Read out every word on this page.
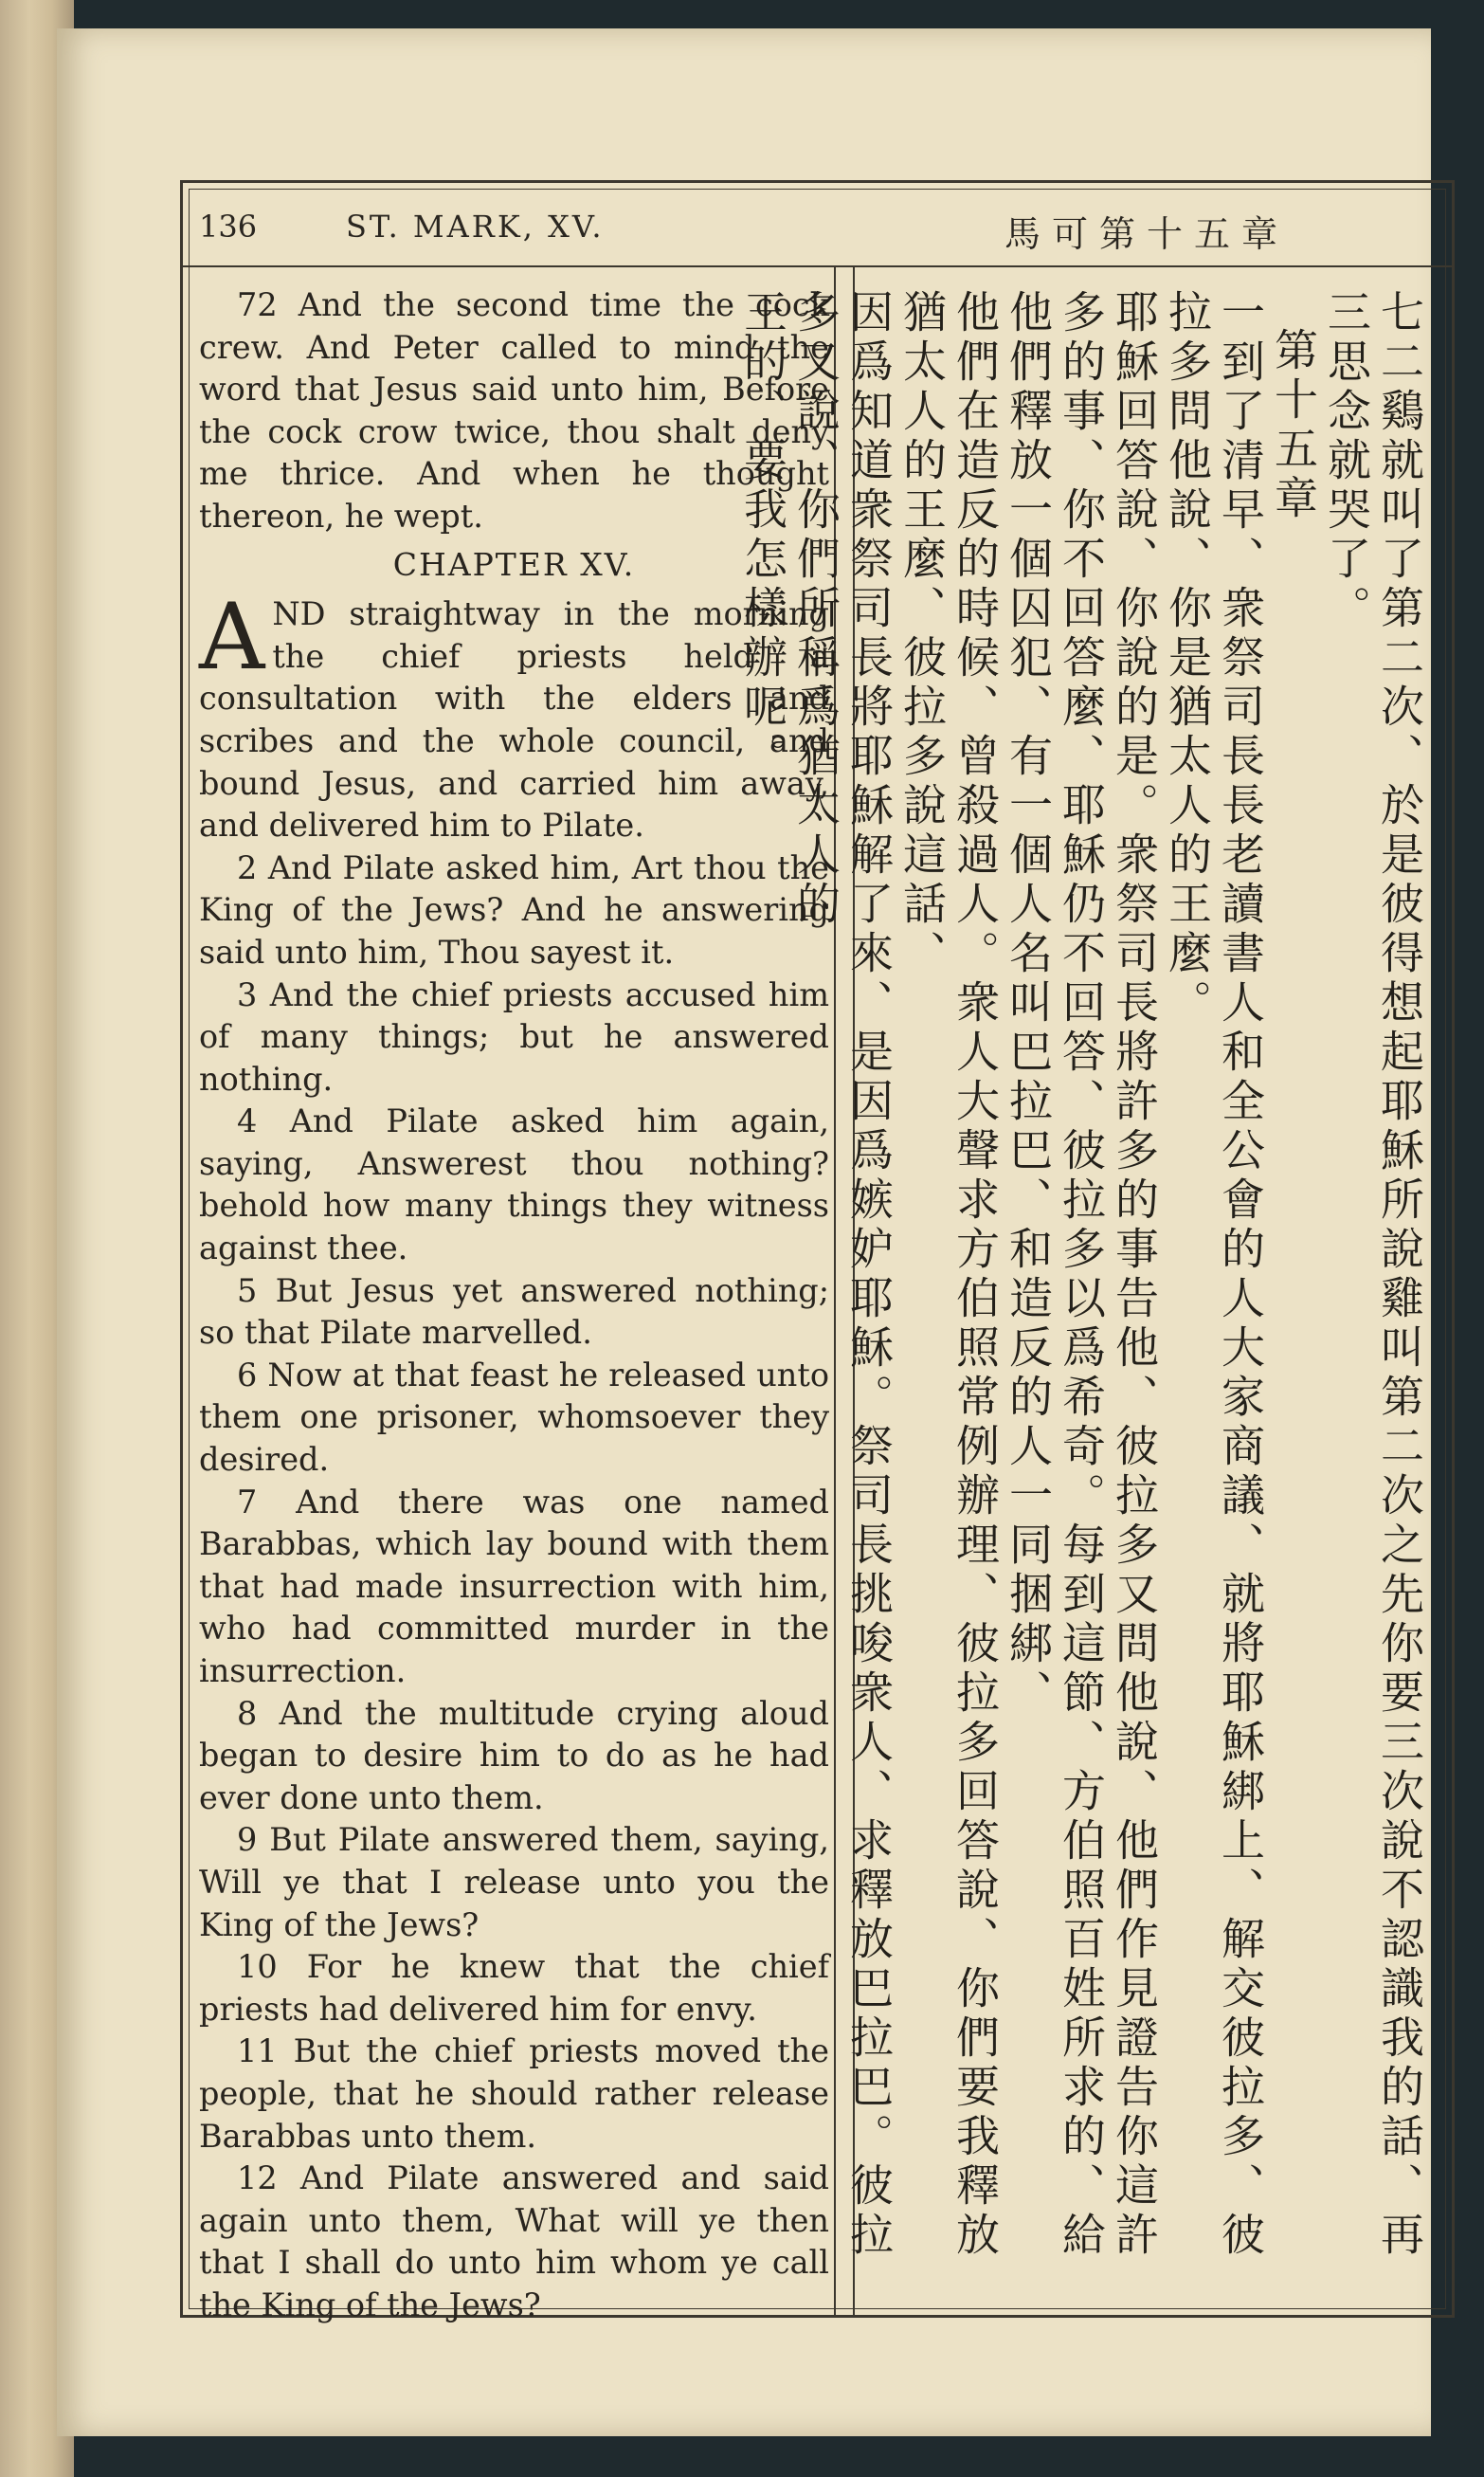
136	ST. MARK, XV.	馬可第十五章

72 And the second time the cock crew. And Peter called to mind the word that Jesus said unto him, Before the cock crow twice, thou shalt deny me thrice. And when he thought thereon, he wept.

CHAPTER XV.

AND straightway in the morning the chief priests held a consultation with the elders and scribes and the whole council, and bound Jesus, and carried him away, and delivered him to Pilate.

2 And Pilate asked him, Art thou the King of the Jews? And he answering said unto him, Thou sayest it.

3 And the chief priests accused him of many things; but he answered nothing.

4 And Pilate asked him again, saying, Answerest thou nothing? behold how many things they witness against thee.

5 But Jesus yet answered nothing; so that Pilate marvelled.

6 Now at that feast he released unto them one prisoner, whomsoever they desired.

7 And there was one named Barabbas, which lay bound with them that had made insurrection with him, who had committed murder in the insurrection.

8 And the multitude crying aloud began to desire him to do as he had ever done unto them.

9 But Pilate answered them, saying, Will ye that I release unto you the King of the Jews?

10 For he knew that the chief priests had delivered him for envy.

11 But the chief priests moved the people, that he should rather release Barabbas unto them.

12 And Pilate answered and said again unto them, What will ye then that I shall do unto him whom ye call the King of the Jews?

七二鷄就叫了第二次、於是彼得想起耶穌所說雞叫第二次之先你要三次說不認識我的話、再三思念就哭了。

第十五章

一到了清早、衆祭司長長老讀書人和全公會的人大家商議、就將耶穌綁上、解交彼拉多、彼拉多問他說、你是猶太人的王麼。

耶穌回答說、你說的是。衆祭司長將許多的事告他、彼拉多又問他說、他們作見證告你這許多的事、你不回答麼、耶穌仍不回答、彼拉多以爲希奇。每到這節、方伯照百姓所求的、給他們釋放一個囚犯、有一個人名叫巴拉巴、和造反的人一同捆綁、

他們在造反的時候、曾殺過人。衆人大聲求方伯照常例辦理、彼拉多回答說、你們要我釋放猶太人的王麼、彼拉多說這話、

因爲知道衆祭司長將耶穌解了來、是因爲嫉妒耶穌。祭司長挑唆衆人、求釋放巴拉巴。彼拉多又說、你們所稱爲猶太人的

王的、要我怎樣辦呢。
